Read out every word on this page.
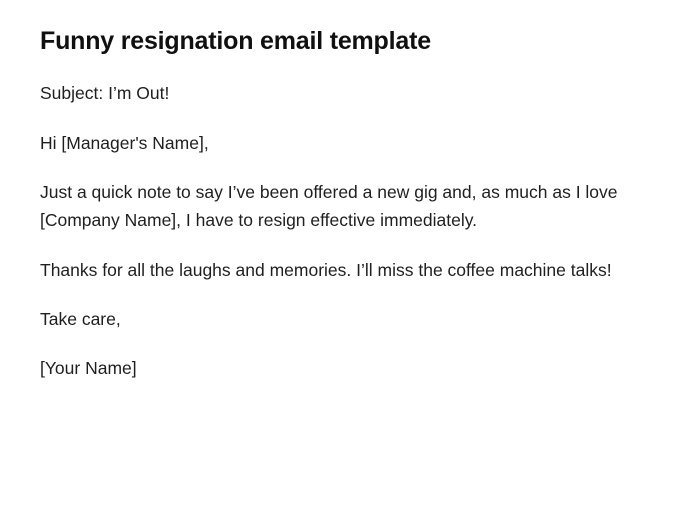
Funny resignation email template

Subject: I’m Out!

Hi [Manager's Name],

Just a quick note to say I’ve been offered a new gig and, as much as I love [Company Name], I have to resign effective immediately.

Thanks for all the laughs and memories. I’ll miss the coffee machine talks!

Take care,

[Your Name]
